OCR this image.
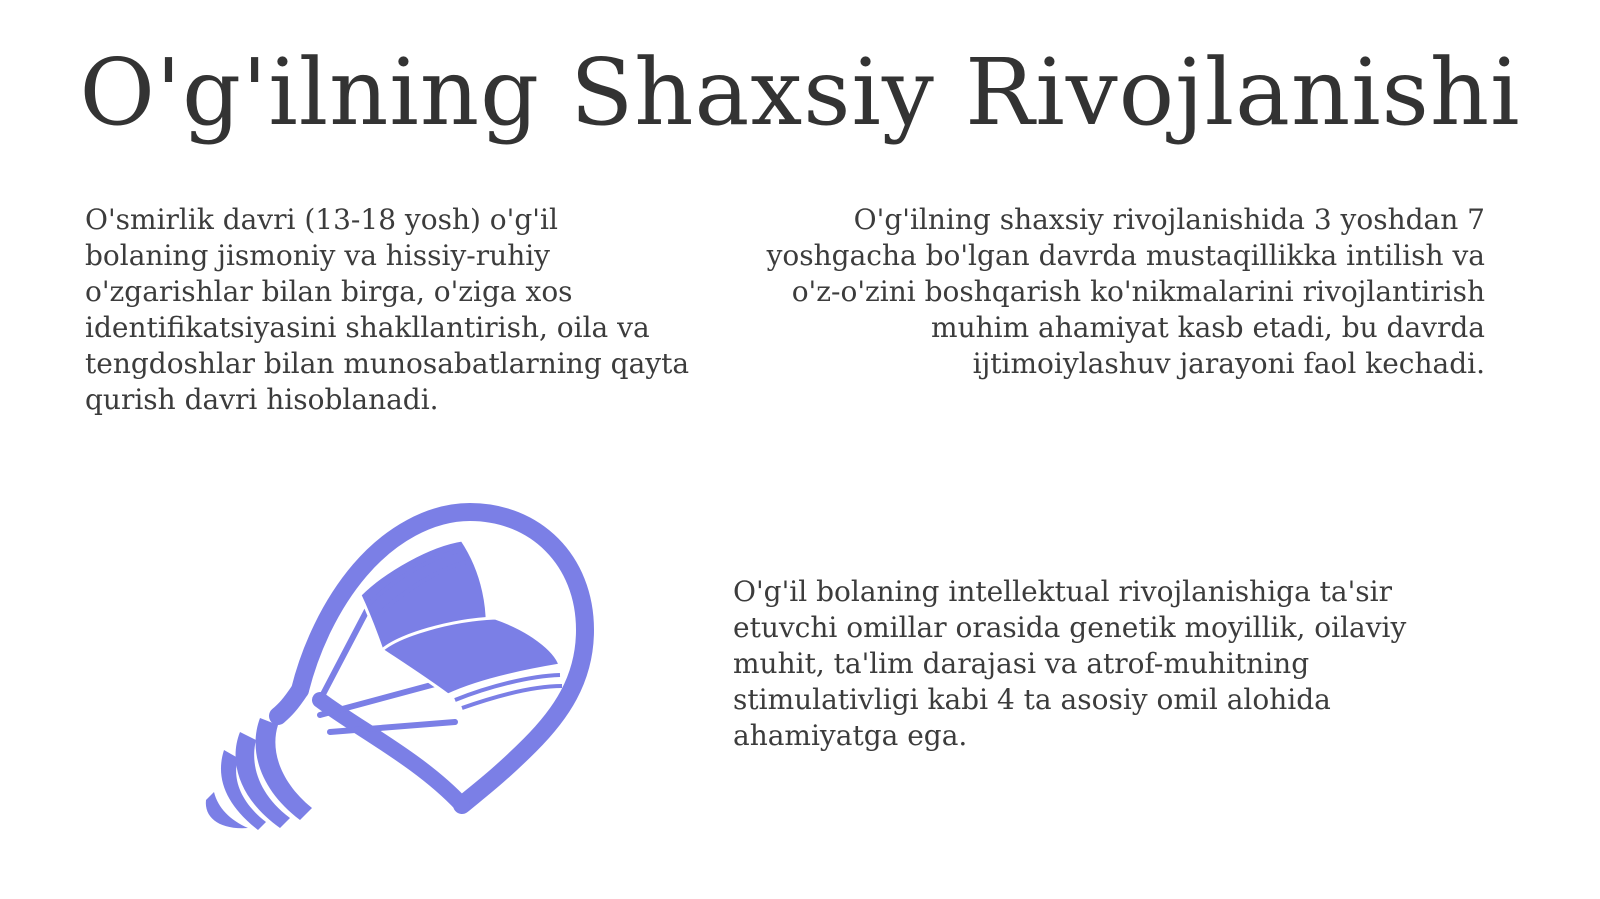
O'g'ilning Shaxsiy Rivojlanishi
O'smirlik davri (13-18 yosh) o'g'il
bolaning jismoniy va hissiy-ruhiy
o'zgarishlar bilan birga, o'ziga xos
identifikatsiyasini shakllantirish, oila va
tengdoshlar bilan munosabatlarning qayta
qurish davri hisoblanadi.
O'g'ilning shaxsiy rivojlanishida 3 yoshdan 7
yoshgacha bo'lgan davrda mustaqillikka intilish va
o'z-o'zini boshqarish ko'nikmalarini rivojlantirish
muhim ahamiyat kasb etadi, bu davrda
ijtimoiylashuv jarayoni faol kechadi.
O'g'il bolaning intellektual rivojlanishiga ta'sir
etuvchi omillar orasida genetik moyillik, oilaviy
muhit, ta'lim darajasi va atrof-muhitning
stimulativligi kabi 4 ta asosiy omil alohida
ahamiyatga ega.
